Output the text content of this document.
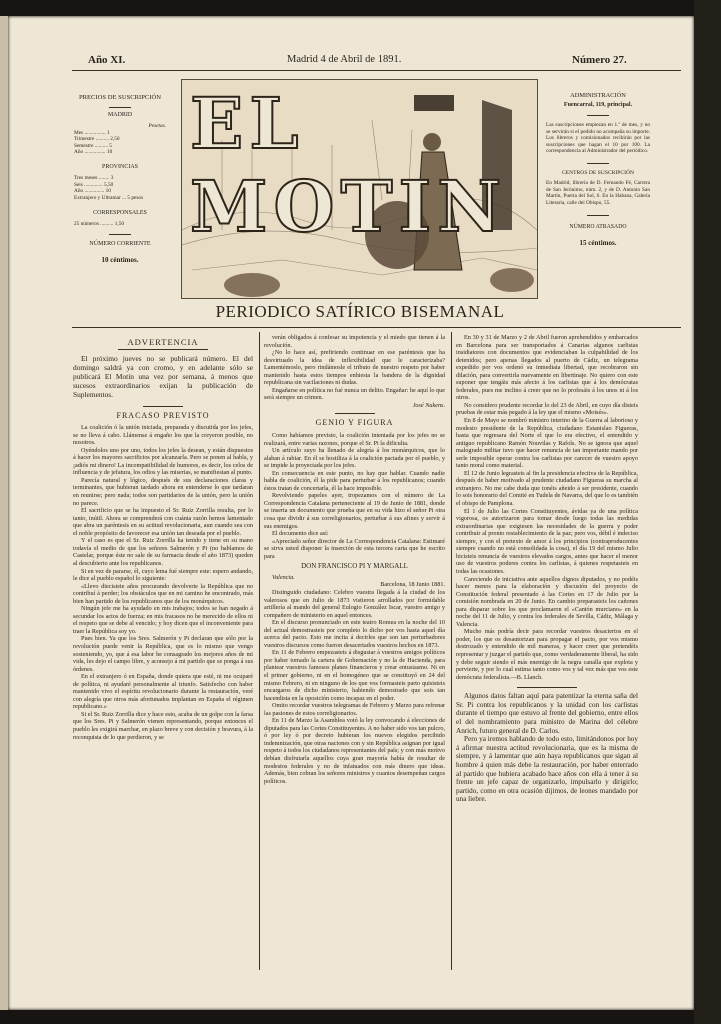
Año XI.	Madrid 4 de Abril de 1891.	Número 27.
PRECIOS DE SUSCRIPCIÓN
MADRID
Pesetas.
Mes ................ 1
Trimestre .......... 2,50
Semestre .......... 5
Año ................ 10
PROVINCIAS
Tres meses ........ 3
Seis .............. 5,50
Año ............... 10
Extranjero y Ultramar ... 5 pesos
CORRESPONSALES
25 números .......... 1,50
NÚMERO CORRIENTE
10 céntimos.
EL MOTIN
ADMINISTRACIÓN
Fuencarral, 119, principal.
Las suscripciones empiezan en 1.º de mes, y no se servirán si el pedido no acompaña su importe. Los libreros y comisionados recibirán por las suscripciones que hagan el 10 por 100. La correspondencia al Administrador del periódico.
CENTROS DE SUSCRIPCIÓN
En Madrid, librería de D. Fernando Fé, Carrera de San Jerónimo, núm. 2, y de D. Antonio San Martín, Puerta del Sol, 6. En la Habana, Galería Literaria, calle del Obispo, 55.
NÚMERO ATRASADO
15 céntimos.
PERIODICO SATÍRICO BISEMANAL

ADVERTENCIA

El próximo jueves no se publicará número. El del domingo saldrá ya con cromo, y en adelante sólo se publicará El Motín una vez por semana, á menos que sucesos extraordinarios exijan la publicación de Suplementos.

FRACASO PREVISTO

La coalición ó la unión iniciada, preparada y discutida por los jefes, se no lleva á cabo. Llámense á engaño los que la creyeron posible, no nosotros.

Oyéndolos uno por uno, todos los jefes la desean, y están dispuestos á hacer los mayores sacrificios por alcanzarla. Pero se ponen al habla, y ¡adiós mi dinero! La incompatibilidad de humores, es decir, los celos de influencia y de jefatura, los odios y las miserias, se manifiestan al punto.

Parecía natural y lógico, después de sus declaraciones claras y terminantes, que hubieran tardado ahora en entenderse lo que tardaran en reunirse; pero nada; todos son partidarios de la unión, pero la unión no parece.

El sacrificio que se ha impuesto el Sr. Ruiz Zorrilla resulta, por lo tanto, inútil. Ahora se comprenderá con cuánta razón hemos lamentado que abra un paréntesis en su actitud revolucionaria, aun cuando sea con el noble propósito de favorecer esa unión tan deseada por el pueblo.

Y el caso es que el Sr. Ruiz Zorrilla ha tenido y tiene en su mano todavía el medio de que los señores Salmerón y Pi (no hablamos de Castelar, porque éste no sale de su farmacia desde el año 1873) queden al descubierto ante los republicanos.

Si en vez de pararse, él, cuyo lema fué siempre este: espero andando, le dice al pueblo español lo siguiente:

«Llevo diecisiete años procurando devolverte la República que no contribuí á perder; los obstáculos que en mi camino he encontrado, más bien han partido de los republicanos que de los monárquicos.

Ningún jefe me ha ayudado en mis trabajos; todos se han negado á secundar los actos de fuerza; en mis fracasos no he merecido de ellos ni el respeto que se debe al vencido; y hoy dicen que el inconveniente para traer la República soy yo.

Pues bien. Ya que los Sres. Salmerón y Pi declaran que sólo por la revolución puede venir la República, que es lo mismo que vengo sosteniendo, yo, que á esa labor he consagrado los mejores años de mi vida, les dejo el campo libre, y aconsejo á mi partido que se ponga á sus órdenes.

En el extranjero ó en España, donde quiera que esté, ni me ocuparé de política, ni ayudaré personalmente al triunfo. Satisfecho con haber mantenido vivo el espíritu revolucionario durante la restauración, veré con alegría que otros más afortunados implantan en España el régimen republicano.»

Si el Sr. Ruiz Zorrilla dice y hace esto, acaba de un golpe con la farsa que los Sres. Pi y Salmerón vienen representando, porque entonces el pueblo les exigirá marchar, en plazo breve y con decisión y bravura, á la reconquista de lo que perdieron, y se

verán obligados á confesar su impotencia y el miedo que tienen á la revolución.

¿No lo hace así, prefiriendo continuar en ese paréntesis que ha desvirtuado la idea de inflexibilidad que le caracterizaba? Lamentémoslo, pero rindámosle el tributo de nuestro respeto por haber mantenido hasta estos tiempos enhiesta la bandera de la dignidad republicana sin vacilaciones ni dudas.

Engañarse en política no fué nunca un delito. Engañar: he aquí lo que será siempre un crimen.

José Nakens.

GENIO Y FIGURA

Como habíamos previsto, la coalición intentada por los jefes no se realizará, entre varias razones, porque el Sr. Pi la dificulta.

Un artículo suyo ha llenado de alegría á los monárquicos, que lo alaban á rabiar. En él se hostiliza á la coalición pactada por el pueblo, y se impide la proyectada por los jefes.

En consecuencia en este punto, no hay que hablar. Cuando nadie habla de coalición, él la pide para perturbar á los republicanos; cuando éstos tratan de concertarla, él la hace imposible.

Revolviendo papeles ayer, tropezamos con el número de La Correspondencia Catalana perteneciente al 19 de Junio de 1881, donde se inserta un documento que prueba que en su vida hizo el señor Pi otra cosa que dividir á sus correligionarios, perturbar á sus afines y servir á sus enemigos.

El documento dice así:

«Apreciado señor director de La Correspondencia Catalana: Estimaré se sirva usted disponer la inserción de esta tercera carta que he escrito para

DON FRANCISCO PI Y MARGALL

Valencia.

Barcelona, 18 Junio 1881.

Distinguido ciudadano: Celebro vuestra llegada á la ciudad de los valerosos que en Julio de 1873 vistieron arrollados por formidable artillería al mando del general Eulogio González Iscar, vuestro amigo y compañero de ministerio en aquel entonces.

En el discurso pronunciado en este teatro Romea en la noche del 10 del actual demostrasteis por completo lo dicho por vos hasta aquel día acerca del pacto. Esto me incita á decirles que son tan perturbadores vuestros discursos como fueron desacertados vuestros hechos en 1873.

En 11 de Febrero empezasteis á disgustar á vuestros amigos políticos por haber tomado la cartera de Gobernación y no la de Hacienda, para plantear vuestros famosos planes financieros y crear entusiasmo. Ni en el primer gobierno, ni en el homogéneo que se constituyó en 24 del mismo Febrero, ni en ninguno de los que vos formasteis parto quisisteis encargaros de dicho ministerio, habiendo demostrado que sois tan hacendista en la oposición como incapaz en el poder.

Omito recordar vuestros telegramas de Febrero y Marzo para refrenar las pasiones de estos correligionarios.

En 11 de Marzo la Asamblea votó la ley convocando á elecciones de diputados para las Cortes Constituyentes. A no haber sido vos tan pulcro, ó por ley ó por decreto hubieran los nuevos elegidos percibido indemnización, que otras naciones con y sin República asignan por igual respeto á todos los ciudadanos representantes del país; y con más motivo debían disfrutarla aquellos cuya gran mayoría había de resultar de modestos federales y no de infatuados con más dinero que ideas. Además, bien cobran los señores ministros y cuantos desempeñan cargos políticos.

En 30 y 31 de Marzo y 2 de Abril fueron aprehendidos y embarcados en Barcelona para ser transportados á Canarias algunos carlistas insidiatores con documentos que evidenciaban la culpabilidad de los detenidos; pero apenas llegados al puerto de Cádiz, un telegrama expedido por vos ordenó su inmediata libertad, que recobraron sin dilación, para convertirla nuevamente en libertinaje. No quiero con este suponer que tengáis más afecto á los carlistas que á los demócratas federales, pues me inclino á creer que no lo profesáis á los unos ni á los otros.

No considero prudente recordar lo del 23 de Abril, en cuyo día disteis pruebas de estar más pegado á la ley que el mismo «Moisés».

En 8 de Mayo se nombró ministro interino de la Guerra al laborioso y modesto presidente de la República, ciudadano Estanislao Figueras, hasta que regresara del Norte el que lo era efectivo, el entendido y antiguo republicano Ramón Nouvilas y Rafols. No se ignora que aquel malogrado militar tuvo que hacer renuncia de tan importante mando por serle imposible operar contra los carlistas por carecer de vuestro apoyo tanto moral como material.

El 12 de Junio legrasteis al fin la presidencia efectiva de la República, después de haber motivado al prudente ciudadano Figueras su marcha al extranjero. No me cabe duda que tonéis añeido á ser presidente, cuando lo sois honorario del Comité en Tudela de Navarra, del que lo es también el obispo de Pamplona.

El 1 de Julio las Cortes Constituyentes, ávidas ya de una política vigorosa, os autorizaron para tomar desde luego todas las medidas extraordinarias que exigiesen las necesidades de la guerra y poder contribuir al pronto restablecimiento de la paz; pero vos, débil é indeciso siempre, y con el pretexto de amor á los principios (contraproducentes siempre cuando no está consolidada la cosa), el día 19 del mismo Julio hicisteis renuncia de vuestros elevados cargos, antes que hacer el menor uso de vuestros poderes contra los carlistas, á quienes respetasteis en todas las ocasiones.

Careciendo de iniciativa ante aquellos dignos diputados, y no podéis hacer menos para la elaboración y discusión del proyecto de Constitución federal presentado á las Cortes en 17 de Julio por la comisión nombrada en 20 de Junio. En cambio preparasteis los cañones para disparar sobre los que proclamaron el «Cantón murciano» en la noche del 11 de Julio, y contra los federales de Sevilla, Cádiz, Málaga y Valencia.

Mucho más podría decir para recordar vuestros desaciertos en el poder, los que os desautorizan para propagar el pacto, por vos mismo destrozado y entendido de mil maneras, y hacer creer que pretendéis representar y juzgar el partido que, como verdaderamente liberal, ha sido y debe seguir siendo el más enemigo de la negra canalla que explota y pervierte, y por lo cual estima tanto como vos y tal vez más que vos este demócrata federalista.—B. Llanch.

Algunos datos faltan aquí para patentizar la eterna saña del Sr. Pi contra los republicanos y la unidad con los carlistas durante el tiempo que estuvo al frente del gobierno, entre ellos el del nombramiento para ministro de Marina del célebre Anrich, futuro general de D. Carlos.

Pero ya iremos hablando de todo esto, limitándonos por hoy á afirmar nuestra actitud revolucionaria, que es la misma de siempre, y á lamentar que aún haya republicanos que sigan al hombre á quien más debe la restauración, por haber enterrado al partido que hubiera acabado hace años con ella á tener á su frente un jefe capaz de organizarlo, impulsarlo y dirigirlo; partido, como en otra ocasión dijimos, de leones mandado por una liebre.
